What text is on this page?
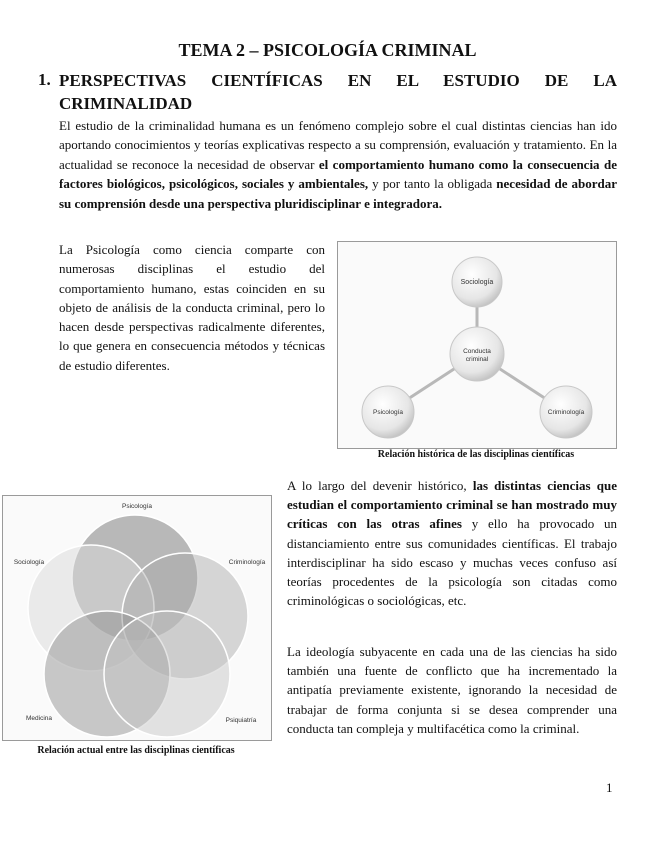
TEMA 2 – PSICOLOGÍA CRIMINAL
1. PERSPECTIVAS CIENTÍFICAS EN EL ESTUDIO DE LA
CRIMINALIDAD
El estudio de la criminalidad humana es un fenómeno complejo sobre el cual distintas ciencias han ido aportando conocimientos y teorías explicativas respecto a su comprensión, evaluación y tratamiento. En la actualidad se reconoce la necesidad de observar el comportamiento humano como la consecuencia de factores biológicos, psicológicos, sociales y ambientales, y por tanto la obligada necesidad de abordar su comprensión desde una perspectiva pluridisciplinar e integradora.
La Psicología como ciencia comparte con numerosas disciplinas el estudio del comportamiento humano, estas coinciden en su objeto de análisis de la conducta criminal, pero lo hacen desde perspectivas radicalmente diferentes, lo que genera en consecuencia métodos y técnicas de estudio diferentes.
Sociología
Conducta
criminal
Psicología	Criminología
Relación histórica de las disciplinas científicas
A lo largo del devenir histórico, las distintas ciencias que estudian el comportamiento criminal se han mostrado muy críticas con las otras afines y ello ha provocado un distanciamiento entre sus comunidades científicas. El trabajo interdisciplinar ha sido escaso y muchas veces confuso así teorías procedentes de la psicología son citadas como criminológicas o sociológicas, etc.
La ideología subyacente en cada una de las ciencias ha sido también una fuente de conflicto que ha incrementado la antipatía previamente existente, ignorando la necesidad de trabajar de forma conjunta si se desea comprender una conducta tan compleja y multifacética como la criminal.
Psicología
Sociología	Criminología
Medicina	Psiquiatría
Relación actual entre las disciplinas científicas
1
